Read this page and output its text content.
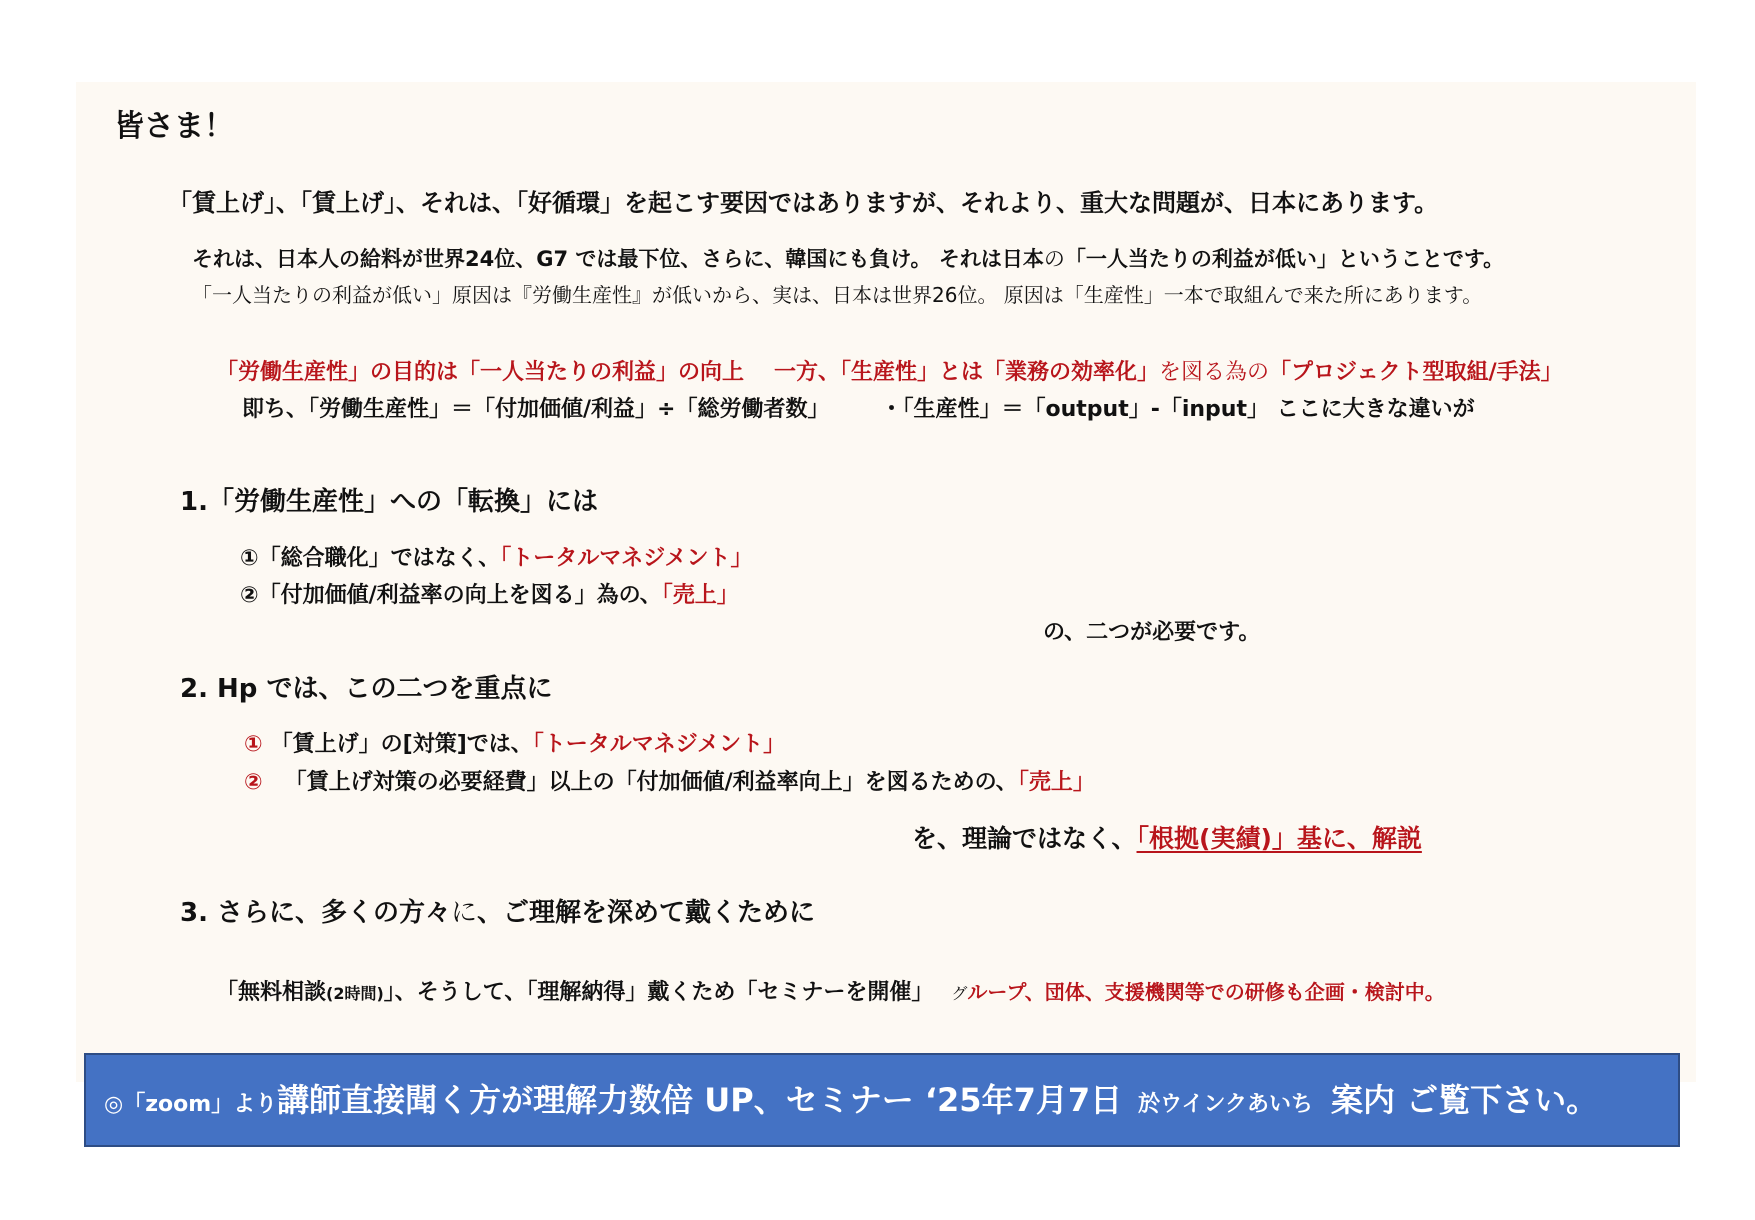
皆さま！
「賃上げ」、「賃上げ」、それは、「好循環」を起こす要因ではありますが、それより、重大な問題が、日本にあります。
それは、日本人の給料が世界24位、G7 では最下位、さらに、韓国にも負け。 それは日本の「一人当たりの利益が低い」ということです。
「一人当たりの利益が低い」原因は『労働生産性』が低いから、実は、日本は世界26位。 原因は「生産性」一本で取組んで来た所にあります。
「労働生産性」の目的は「一人当たりの利益」の向上 一方、「生産性」とは「業務の効率化」を図る為の「プロジェクト型取組/手法」
即ち、「労働生産性」＝「付加価値/利益」÷「総労働者数」	・「生産性」＝「output」-「input」 ここに大きな違いが
1.「労働生産性」への「転換」には
①「総合職化」ではなく、「トータルマネジメント」
②「付加価値/利益率の向上を図る」為の、「売上」
の、二つが必要です。
2. Hp では、この二つを重点に
① 「賃上げ」の[対策]では、「トータルマネジメント」
② 「賃上げ対策の必要経費」以上の「付加価値/利益率向上」を図るための、「売上」
を、理論ではなく、「根拠(実績)」基に、解説
3. さらに、多くの方々に、ご理解を深めて戴くために
「無料相談(2時間)」、そうして、「理解納得」戴くため「セミナーを開催」 グループ、団体、支援機関等での研修も企画・検討中。
◎「zoom」より講師直接聞く方が理解力数倍 UP、セミナー ‘25年7月7日 於ウインクあいち 案内 ご覧下さい。
